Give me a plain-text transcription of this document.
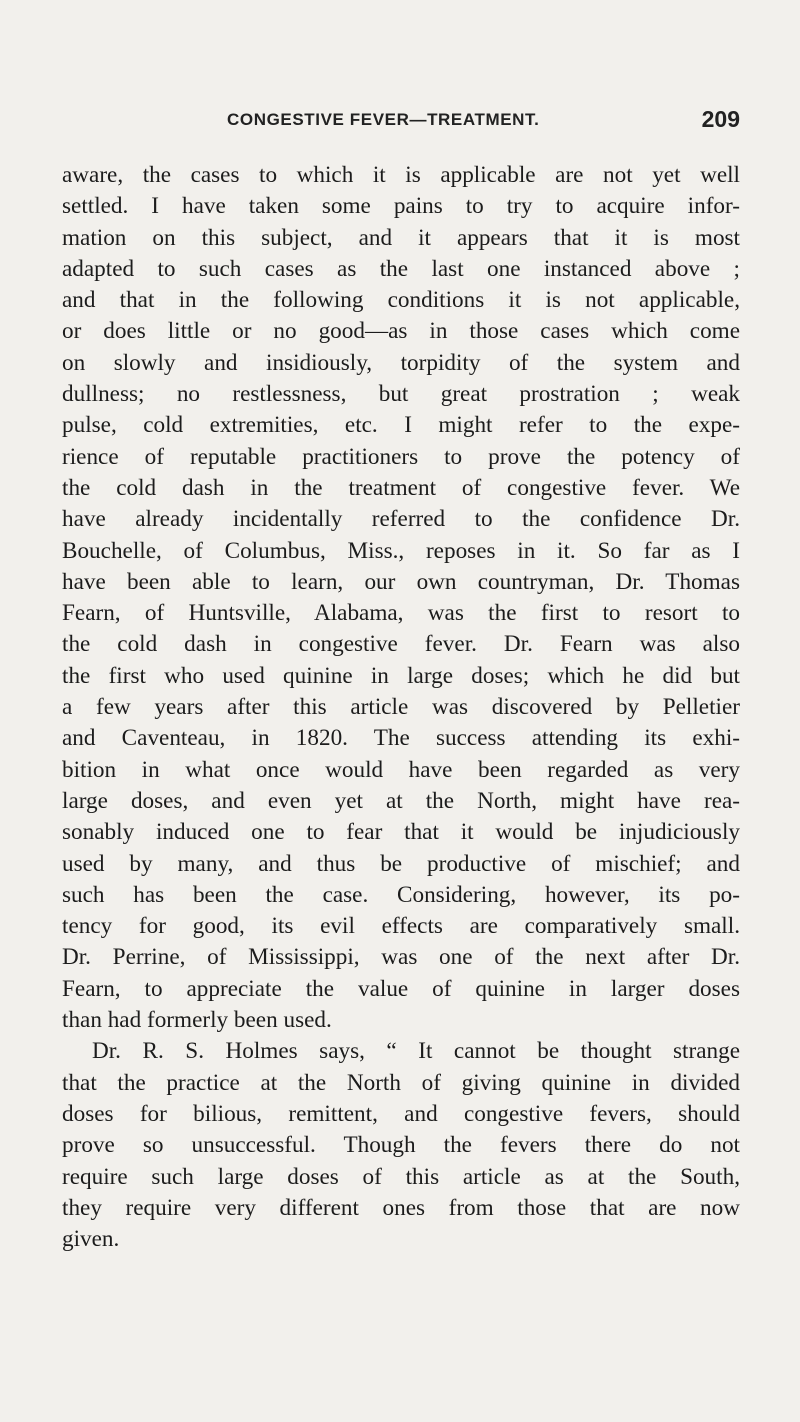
CONGESTIVE FEVER—TREATMENT.	209
aware, the cases to which it is applicable are not yet well
settled. I have taken some pains to try to acquire infor-
mation on this subject, and it appears that it is most
adapted to such cases as the last one instanced above ;
and that in the following conditions it is not applicable,
or does little or no good—as in those cases which come
on slowly and insidiously, torpidity of the system and
dullness; no restlessness, but great prostration ; weak
pulse, cold extremities, etc. I might refer to the expe-
rience of reputable practitioners to prove the potency of
the cold dash in the treatment of congestive fever. We
have already incidentally referred to the confidence Dr.
Bouchelle, of Columbus, Miss., reposes in it. So far as I
have been able to learn, our own countryman, Dr. Thomas
Fearn, of Huntsville, Alabama, was the first to resort to
the cold dash in congestive fever. Dr. Fearn was also
the first who used quinine in large doses; which he did but
a few years after this article was discovered by Pelletier
and Caventeau, in 1820. The success attending its exhi-
bition in what once would have been regarded as very
large doses, and even yet at the North, might have rea-
sonably induced one to fear that it would be injudiciously
used by many, and thus be productive of mischief; and
such has been the case. Considering, however, its po-
tency for good, its evil effects are comparatively small.
Dr. Perrine, of Mississippi, was one of the next after Dr.
Fearn, to appreciate the value of quinine in larger doses
than had formerly been used.
Dr. R. S. Holmes says, “ It cannot be thought strange
that the practice at the North of giving quinine in divided
doses for bilious, remittent, and congestive fevers, should
prove so unsuccessful. Though the fevers there do not
require such large doses of this article as at the South,
they require very different ones from those that are now
given.
